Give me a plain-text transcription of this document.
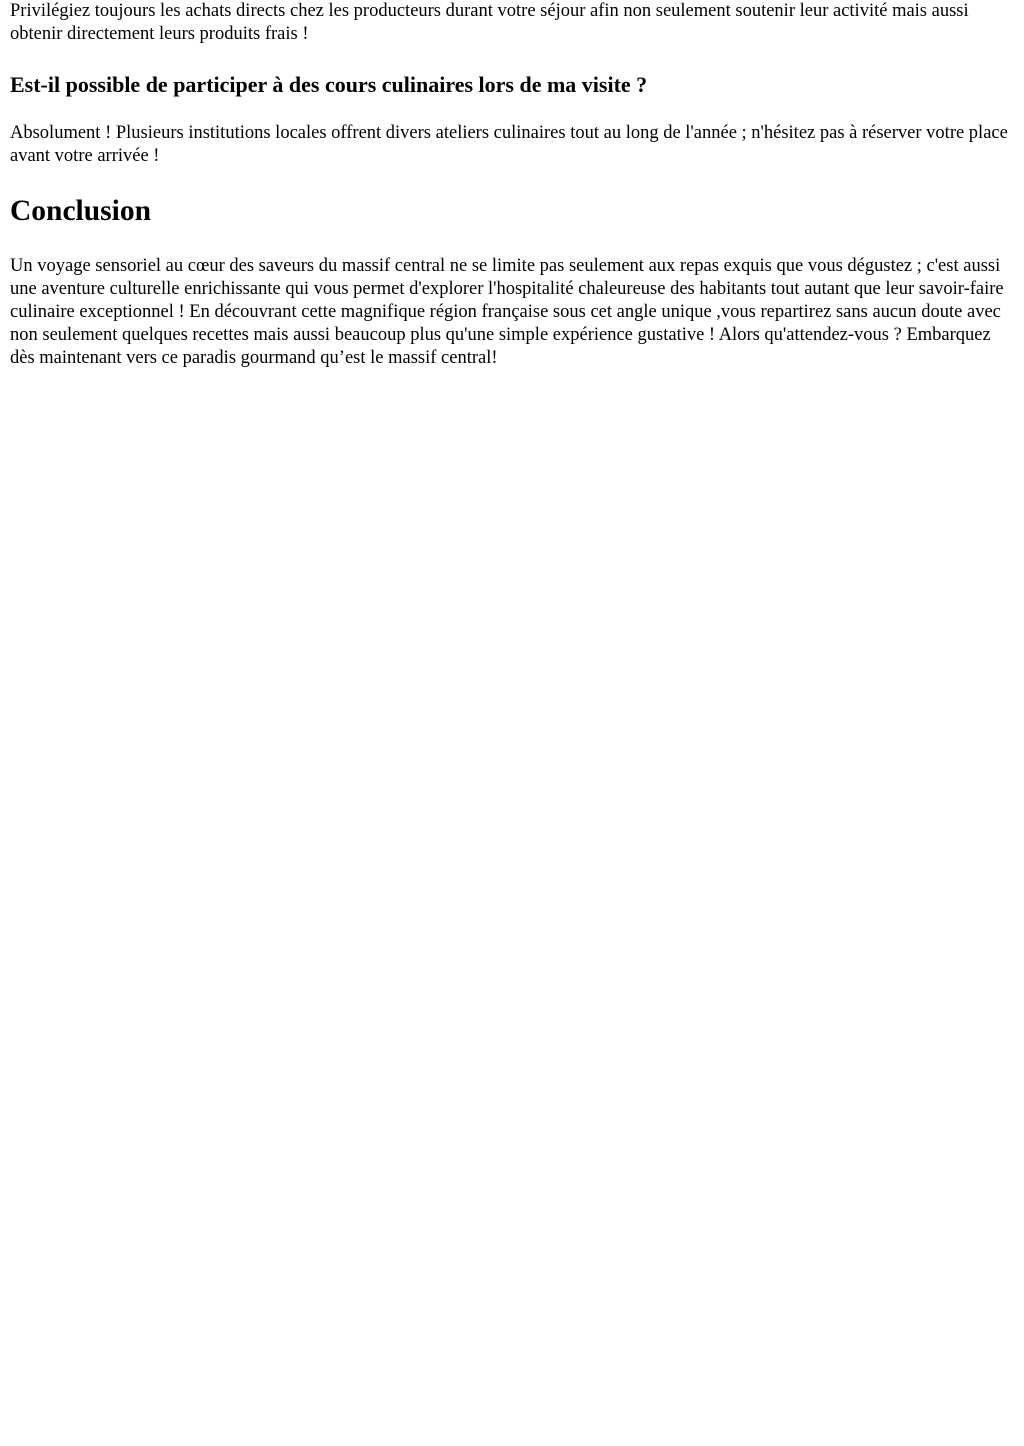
Privilégiez toujours les achats directs chez les producteurs durant votre séjour afin non seulement soutenir leur activité mais aussi obtenir directement leurs produits frais !

Est-il possible de participer à des cours culinaires lors de ma visite ?

Absolument ! Plusieurs institutions locales offrent divers ateliers culinaires tout au long de l'année ; n'hésitez pas à réserver votre place avant votre arrivée !

Conclusion

Un voyage sensoriel au cœur des saveurs du massif central ne se limite pas seulement aux repas exquis que vous dégustez ; c'est aussi une aventure culturelle enrichissante qui vous permet d'explorer l'hospitalité chaleureuse des habitants tout autant que leur savoir-faire culinaire exceptionnel ! En découvrant cette magnifique région française sous cet angle unique ,vous repartirez sans aucun doute avec non seulement quelques recettes mais aussi beaucoup plus qu'une simple expérience gustative ! Alors qu'attendez-vous ? Embarquez dès maintenant vers ce paradis gourmand qu’est le massif central!
